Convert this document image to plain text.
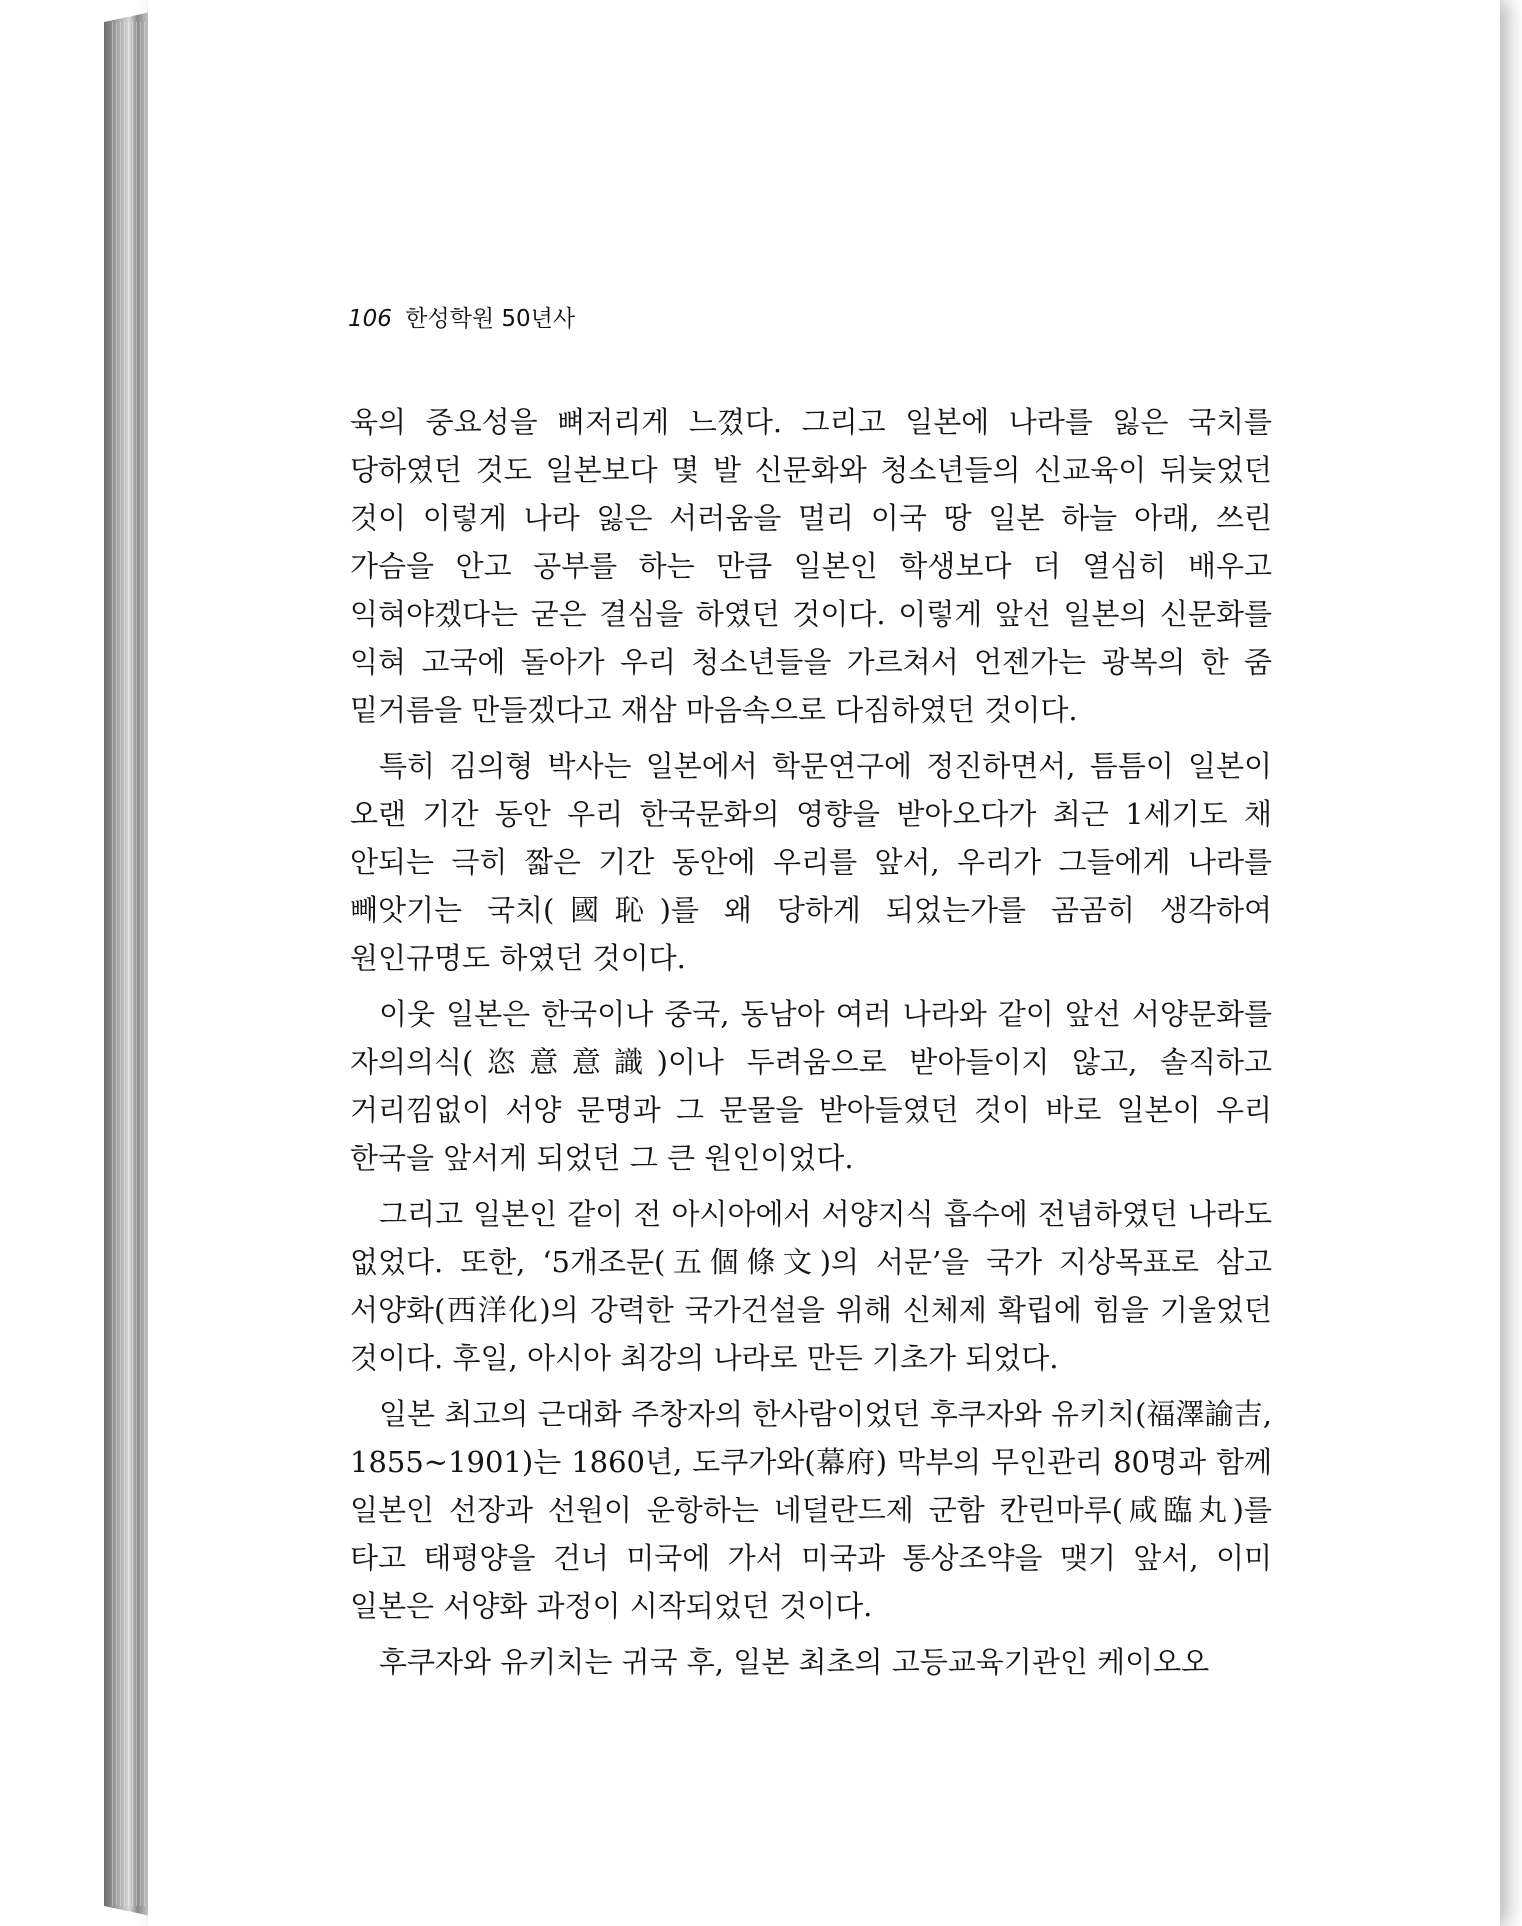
106 한성학원 50년사

육의 중요성을 뼈저리게 느꼈다. 그리고 일본에 나라를 잃은 국치를 당하였던 것도 일본보다 몇 발 신문화와 청소년들의 신교육이 뒤늦었던 것이 이렇게 나라 잃은 서러움을 멀리 이국 땅 일본 하늘 아래, 쓰린 가슴을 안고 공부를 하는 만큼 일본인 학생보다 더 열심히 배우고 익혀야겠다는 굳은 결심을 하였던 것이다. 이렇게 앞선 일본의 신문화를 익혀 고국에 돌아가 우리 청소년들을 가르쳐서 언젠가는 광복의 한 줌 밑거름을 만들겠다고 재삼 마음속으로 다짐하였던 것이다.

특히 김의형 박사는 일본에서 학문연구에 정진하면서, 틈틈이 일본이 오랜 기간 동안 우리 한국문화의 영향을 받아오다가 최근 1세기도 채 안되는 극히 짧은 기간 동안에 우리를 앞서, 우리가 그들에게 나라를 빼앗기는 국치(國恥)를 왜 당하게 되었는가를 곰곰히 생각하여 원인규명도 하였던 것이다.

이웃 일본은 한국이나 중국, 동남아 여러 나라와 같이 앞선 서양문화를 자의의식(恣意意識)이나 두려움으로 받아들이지 않고, 솔직하고 거리낌없이 서양 문명과 그 문물을 받아들였던 것이 바로 일본이 우리 한국을 앞서게 되었던 그 큰 원인이었다.

그리고 일본인 같이 전 아시아에서 서양지식 흡수에 전념하였던 나라도 없었다. 또한, ‘5개조문(五個條文)의 서문’을 국가 지상목표로 삼고 서양화(西洋化)의 강력한 국가건설을 위해 신체제 확립에 힘을 기울었던 것이다. 후일, 아시아 최강의 나라로 만든 기초가 되었다.

일본 최고의 근대화 주창자의 한사람이었던 후쿠자와 유키치(福澤諭吉, 1855~1901)는 1860년, 도쿠가와(幕府) 막부의 무인관리 80명과 함께 일본인 선장과 선원이 운항하는 네덜란드제 군함 칸린마루(咸臨丸)를 타고 태평양을 건너 미국에 가서 미국과 통상조약을 맺기 앞서, 이미 일본은 서양화 과정이 시작되었던 것이다.

후쿠자와 유키치는 귀국 후, 일본 최초의 고등교육기관인 케이오오
